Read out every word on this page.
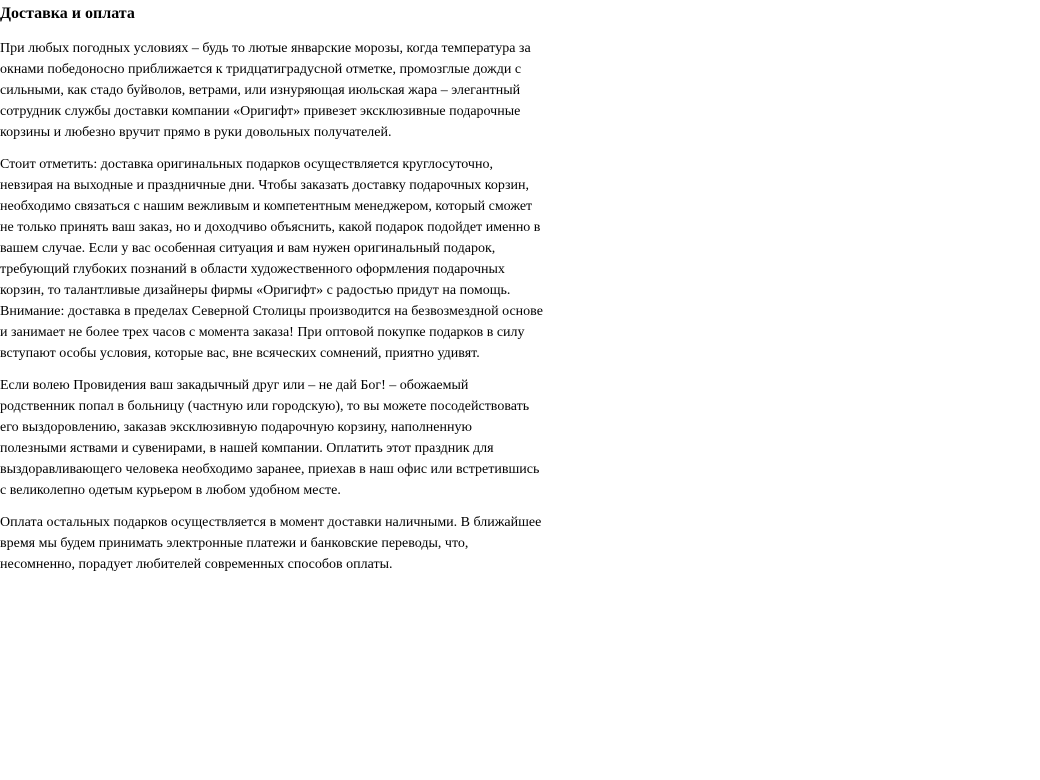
Доставка и оплата

При любых погодных условиях – будь то лютые январские морозы, когда температура за
окнами победоносно приближается к тридцатиградусной отметке, промозглые дожди с
сильными, как стадо буйволов, ветрами, или изнуряющая июльская жара – элегантный
сотрудник службы доставки компании «Оригифт» привезет эксклюзивные подарочные
корзины и любезно вручит прямо в руки довольных получателей.

Стоит отметить: доставка оригинальных подарков осуществляется круглосуточно,
невзирая на выходные и праздничные дни. Чтобы заказать доставку подарочных корзин,
необходимо связаться с нашим вежливым и компетентным менеджером, который сможет
не только принять ваш заказ, но и доходчиво объяснить, какой подарок подойдет именно в
вашем случае. Если у вас особенная ситуация и вам нужен оригинальный подарок,
требующий глубоких познаний в области художественного оформления подарочных
корзин, то талантливые дизайнеры фирмы «Оригифт» с радостью придут на помощь.
Внимание: доставка в пределах Северной Столицы производится на безвозмездной основе
и занимает не более трех часов с момента заказа! При оптовой покупке подарков в силу
вступают особы условия, которые вас, вне всяческих сомнений, приятно удивят.

Если волею Провидения ваш закадычный друг или – не дай Бог! – обожаемый
родственник попал в больницу (частную или городскую), то вы можете посодействовать
его выздоровлению, заказав эксклюзивную подарочную корзину, наполненную
полезными яствами и сувенирами, в нашей компании. Оплатить этот праздник для
выздоравливающего человека необходимо заранее, приехав в наш офис или встретившись
с великолепно одетым курьером в любом удобном месте.

Оплата остальных подарков осуществляется в момент доставки наличными. В ближайшее
время мы будем принимать электронные платежи и банковские переводы, что,
несомненно, порадует любителей современных способов оплаты.
